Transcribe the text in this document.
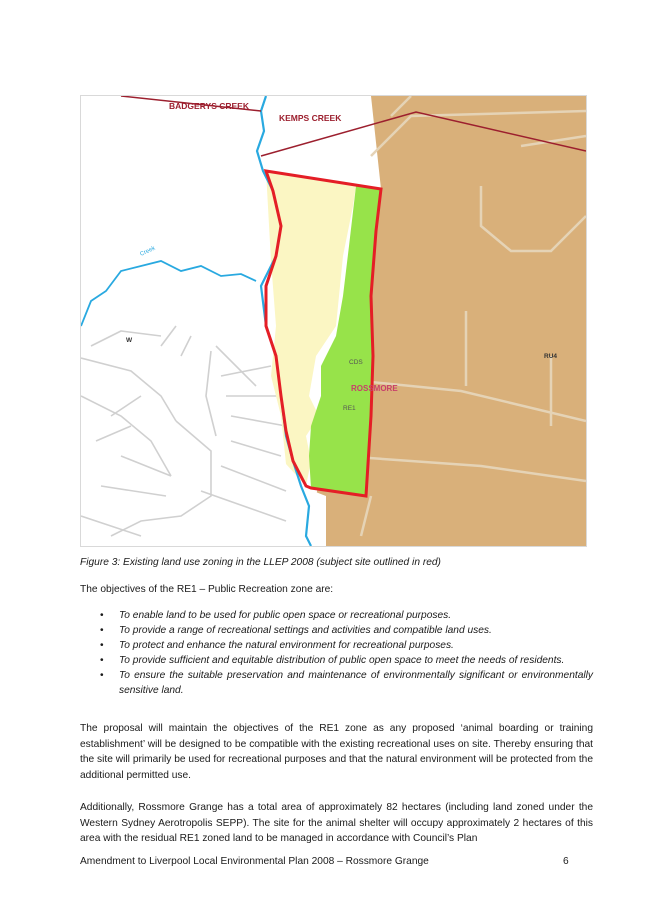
BADGERYS CREEK
KEMPS CREEK
Creek
W
CDS
ROSSMORE
RE1
RU4
Figure 3: Existing land use zoning in the LLEP 2008 (subject site outlined in red)
The objectives of the RE1 – Public Recreation zone are:
• To enable land to be used for public open space or recreational purposes.
• To provide a range of recreational settings and activities and compatible land uses.
• To protect and enhance the natural environment for recreational purposes.
• To provide sufficient and equitable distribution of public open space to meet the needs of residents.
• To ensure the suitable preservation and maintenance of environmentally significant or environmentally sensitive land.

The proposal will maintain the objectives of the RE1 zone as any proposed ‘animal boarding or training establishment’ will be designed to be compatible with the existing recreational uses on site. Thereby ensuring that the site will primarily be used for recreational purposes and that the natural environment will be protected from the additional permitted use.

Additionally, Rossmore Grange has a total area of approximately 82 hectares (including land zoned under the Western Sydney Aerotropolis SEPP). The site for the animal shelter will occupy approximately 2 hectares of this area with the residual RE1 zoned land to be managed in accordance with Council’s Plan

Amendment to Liverpool Local Environmental Plan 2008 – Rossmore Grange	6
